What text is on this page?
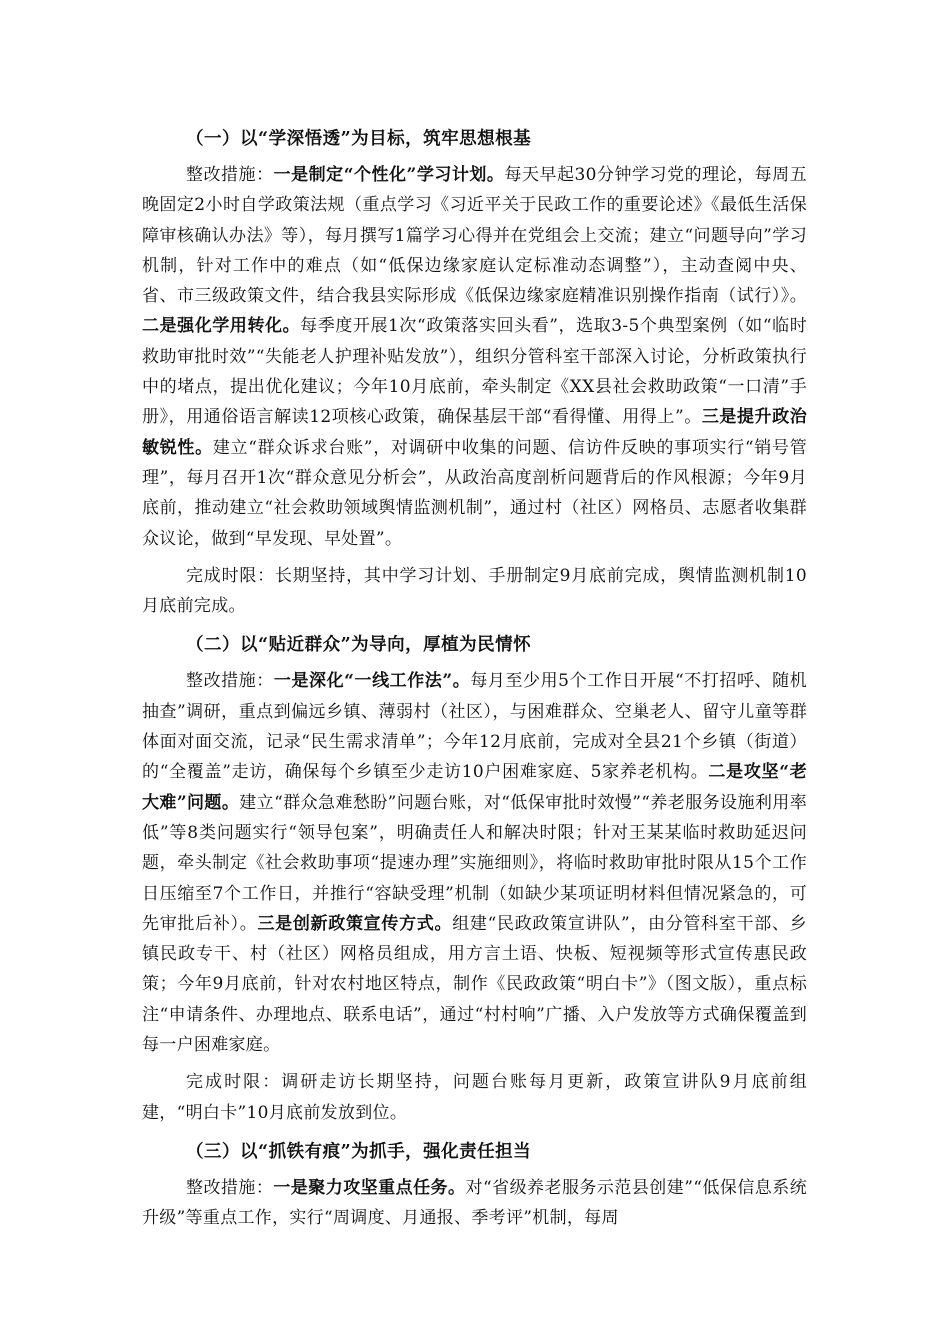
（一）以“学深悟透”为目标，筑牢思想根基

整改措施：一是制定“个性化”学习计划。每天早起30分钟学习党的理论，每周五晚固定2小时自学政策法规（重点学习《习近平关于民政工作的重要论述》《最低生活保障审核确认办法》等），每月撰写1篇学习心得并在党组会上交流；建立“问题导向”学习机制，针对工作中的难点（如“低保边缘家庭认定标准动态调整”），主动查阅中央、省、市三级政策文件，结合我县实际形成《低保边缘家庭精准识别操作指南（试行）》。二是强化学用转化。每季度开展1次“政策落实回头看”，选取3-5个典型案例（如“临时救助审批时效”“失能老人护理补贴发放”），组织分管科室干部深入讨论，分析政策执行中的堵点，提出优化建议；今年10月底前，牵头制定《XX县社会救助政策“一口清”手册》，用通俗语言解读12项核心政策，确保基层干部“看得懂、用得上”。三是提升政治敏锐性。建立“群众诉求台账”，对调研中收集的问题、信访件反映的事项实行“销号管理”，每月召开1次“群众意见分析会”，从政治高度剖析问题背后的作风根源；今年9月底前，推动建立“社会救助领域舆情监测机制”，通过村（社区）网格员、志愿者收集群众议论，做到“早发现、早处置”。

完成时限：长期坚持，其中学习计划、手册制定9月底前完成，舆情监测机制10月底前完成。

（二）以“贴近群众”为导向，厚植为民情怀

整改措施：一是深化“一线工作法”。每月至少用5个工作日开展“不打招呼、随机抽查”调研，重点到偏远乡镇、薄弱村（社区），与困难群众、空巢老人、留守儿童等群体面对面交流，记录“民生需求清单”；今年12月底前，完成对全县21个乡镇（街道）的“全覆盖”走访，确保每个乡镇至少走访10户困难家庭、5家养老机构。二是攻坚“老大难”问题。建立“群众急难愁盼”问题台账，对“低保审批时效慢”“养老服务设施利用率低”等8类问题实行“领导包案”，明确责任人和解决时限；针对王某某临时救助延迟问题，牵头制定《社会救助事项“提速办理”实施细则》，将临时救助审批时限从15个工作日压缩至7个工作日，并推行“容缺受理”机制（如缺少某项证明材料但情况紧急的，可先审批后补）。三是创新政策宣传方式。组建“民政政策宣讲队”，由分管科室干部、乡镇民政专干、村（社区）网格员组成，用方言土语、快板、短视频等形式宣传惠民政策；今年9月底前，针对农村地区特点，制作《民政政策“明白卡”》（图文版），重点标注“申请条件、办理地点、联系电话”，通过“村村响”广播、入户发放等方式确保覆盖到每一户困难家庭。

完成时限：调研走访长期坚持，问题台账每月更新，政策宣讲队9月底前组建，“明白卡”10月底前发放到位。

（三）以“抓铁有痕”为抓手，强化责任担当

整改措施：一是聚力攻坚重点任务。对“省级养老服务示范县创建”“低保信息系统升级”等重点工作，实行“周调度、月通报、季考评”机制，每周
